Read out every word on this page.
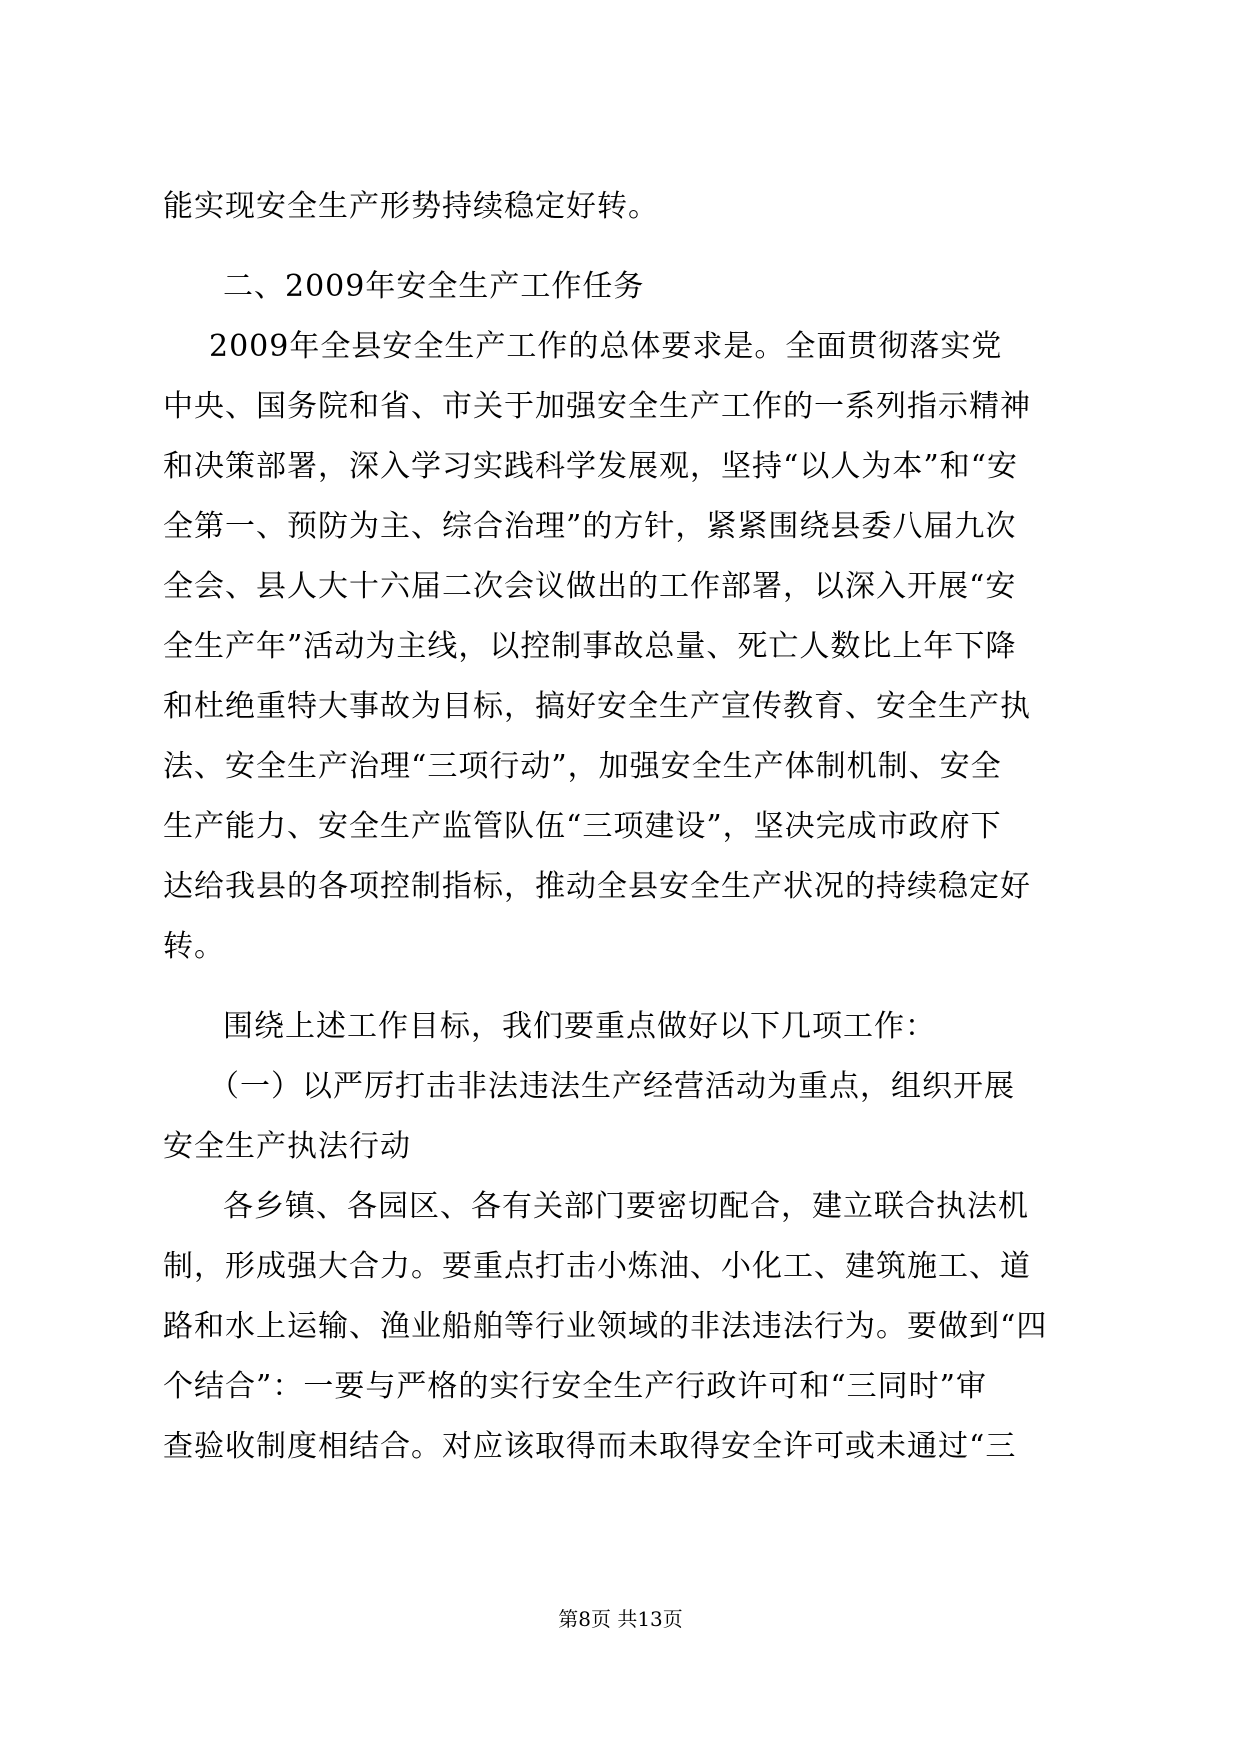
能实现安全生产形势持续稳定好转。
二、2009年安全生产工作任务
2009年全县安全生产工作的总体要求是。全面贯彻落实党
中央、国务院和省、市关于加强安全生产工作的一系列指示精神
和决策部署，深入学习实践科学发展观，坚持“以人为本”和“安
全第一、预防为主、综合治理”的方针，紧紧围绕县委八届九次
全会、县人大十六届二次会议做出的工作部署，以深入开展“安
全生产年”活动为主线，以控制事故总量、死亡人数比上年下降
和杜绝重特大事故为目标，搞好安全生产宣传教育、安全生产执
法、安全生产治理“三项行动”，加强安全生产体制机制、安全
生产能力、安全生产监管队伍“三项建设”，坚决完成市政府下
达给我县的各项控制指标，推动全县安全生产状况的持续稳定好
转。
围绕上述工作目标，我们要重点做好以下几项工作：
（一）以严厉打击非法违法生产经营活动为重点，组织开展
安全生产执法行动
各乡镇、各园区、各有关部门要密切配合，建立联合执法机
制，形成强大合力。要重点打击小炼油、小化工、建筑施工、道
路和水上运输、渔业船舶等行业领域的非法违法行为。要做到“四
个结合”：一要与严格的实行安全生产行政许可和“三同时”审
查验收制度相结合。对应该取得而未取得安全许可或未通过“三
第8页 共13页
